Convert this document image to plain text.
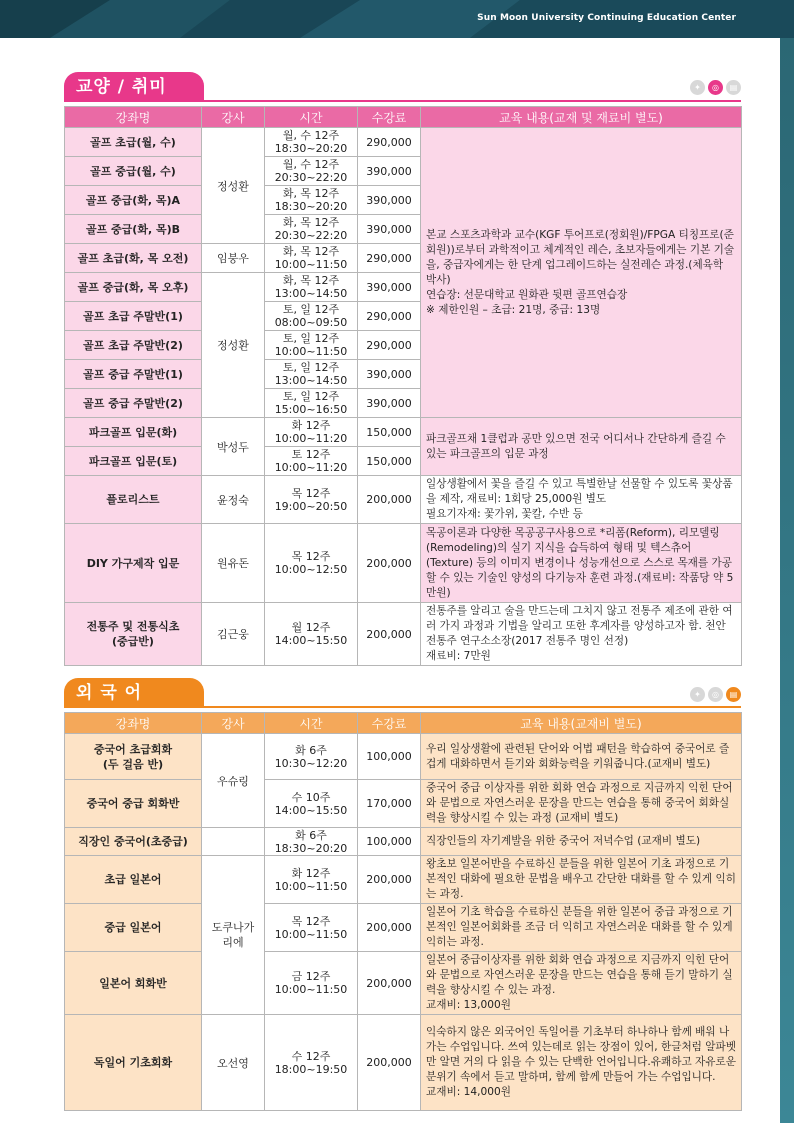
Sun Moon University Continuing Education Center
교양 / 취미	✦	◎	▤
강좌명	강사	시간	수강료	교육 내용(교재 및 재료비 별도)
골프 초급(월, 수)	정성환	월, 수 12주
18:30~20:20	290,000	본교 스포츠과학과 교수(KGF 투어프로(정회원)/FPGA 티칭프로(준회원))로부터 과학적이고 체계적인 레슨, 초보자들에게는 기본 기술을, 중급자에게는 한 단계 업그레이드하는 실전레슨 과정.(체육학 박사)
연습장: 선문대학교 원화관 뒷편 골프연습장
※ 제한인원 – 초급: 21명, 중급: 13명
골프 중급(월, 수)		월, 수 12주
20:30~22:20	390,000	
골프 중급(화, 목)A		화, 목 12주
18:30~20:20	390,000	
골프 중급(화, 목)B		화, 목 12주
20:30~22:20	390,000	
골프 초급(화, 목 오전)	임붕우	화, 목 12주
10:00~11:50	290,000	
골프 중급(화, 목 오후)	정성환	화, 목 12주
13:00~14:50	390,000	
골프 초급 주말반(1)		토, 일 12주
08:00~09:50	290,000	
골프 초급 주말반(2)		토, 일 12주
10:00~11:50	290,000	
골프 중급 주말반(1)		토, 일 12주
13:00~14:50	390,000	
골프 중급 주말반(2)		토, 일 12주
15:00~16:50	390,000	
파크골프 입문(화)	박성두	화 12주
10:00~11:20	150,000	파크골프채 1클럽과 공만 있으면 전국 어디서나 간단하게 즐길 수 있는 파크골프의 입문 과정
파크골프 입문(토)		토 12주
10:00~11:20	150,000	
플로리스트	윤정숙	목 12주
19:00~20:50	200,000	일상생활에서 꽃을 즐길 수 있고 특별한날 선물할 수 있도록 꽃상품을 제작, 재료비: 1회당 25,000원 별도
필요기자재: 꽃가위, 꽃칼, 수반 등
DIY 가구제작 입문	원유돈	목 12주
10:00~12:50	200,000	목공이론과 다양한 목공공구사용으로 *리폼(Reform), 리모델링(Remodeling)의 실기 지식을 습득하여 형태 및 텍스츄어(Texture) 등의 이미지 변경이나 성능개선으로 스스로 목재를 가공할 수 있는 기술인 양성의 다기능자 훈련 과정.(재료비: 작품당 약 5만원)
전통주 및 전통식초
(중급반)	김근웅	월 12주
14:00~15:50	200,000	전통주를 알리고 술을 만드는데 그치지 않고 전통주 제조에 관한 여러 가지 과정과 기법을 알리고 또한 후계자를 양성하고자 함. 천안 전통주 연구소소장(2017 전통주 명인 선정)
재료비: 7만원
외 국 어	✦	◎	▤
강좌명	강사	시간	수강료	교육 내용(교재비 별도)
중국어 초급회화
(두 걸음 반)	우슈링	화 6주
10:30~12:20	100,000	우리 일상생활에 관련된 단어와 어법 패턴을 학습하여 중국어로 즐겁게 대화하면서 듣기와 회화능력을 키워줍니다.(교재비 별도)
중국어 중급 회화반		수 10주
14:00~15:50	170,000	중국어 중급 이상자를 위한 회화 연습 과정으로 지금까지 익힌 단어와 문법으로 자연스러운 문장을 만드는 연습을 통해 중국어 회화실력을 향상시킬 수 있는 과정 (교재비 별도)
직장인 중국어(초중급)		화 6주
18:30~20:20	100,000	직장인들의 자기계발을 위한 중국어 저녁수업 (교재비 별도)
초급 일본어	도쿠나가
리에	화 12주
10:00~11:50	200,000	왕초보 일본어반을 수료하신 분들을 위한 일본어 기초 과정으로 기본적인 대화에 필요한 문법을 배우고 간단한 대화를 할 수 있게 익히는 과정.
중급 일본어		목 12주
10:00~11:50	200,000	일본어 기초 학습을 수료하신 분들을 위한 일본어 중급 과정으로 기본적인 일본어회화를 조금 더 익히고 자연스러운 대화를 할 수 있게 익히는 과정.
일본어 회화반		금 12주
10:00~11:50	200,000	일본어 중급이상자를 위한 회화 연습 과정으로 지금까지 익힌 단어와 문법으로 자연스러운 문장을 만드는 연습을 통해 듣기 말하기 실력을 향상시킬 수 있는 과정.
교재비: 13,000원
독일어 기초회화	오선영	수 12주
18:00~19:50	200,000	익숙하지 않은 외국어인 독일어를 기초부터 하나하나 함께 배워 나가는 수업입니다. 쓰여 있는데로 읽는 장점이 있어, 한글처럼 알파벳만 알면 거의 다 읽을 수 있는 단백한 언어입니다.유쾌하고 자유로운 분위기 속에서 듣고 말하며, 함께 함께 만들어 가는 수업입니다.
교재비: 14,000원
